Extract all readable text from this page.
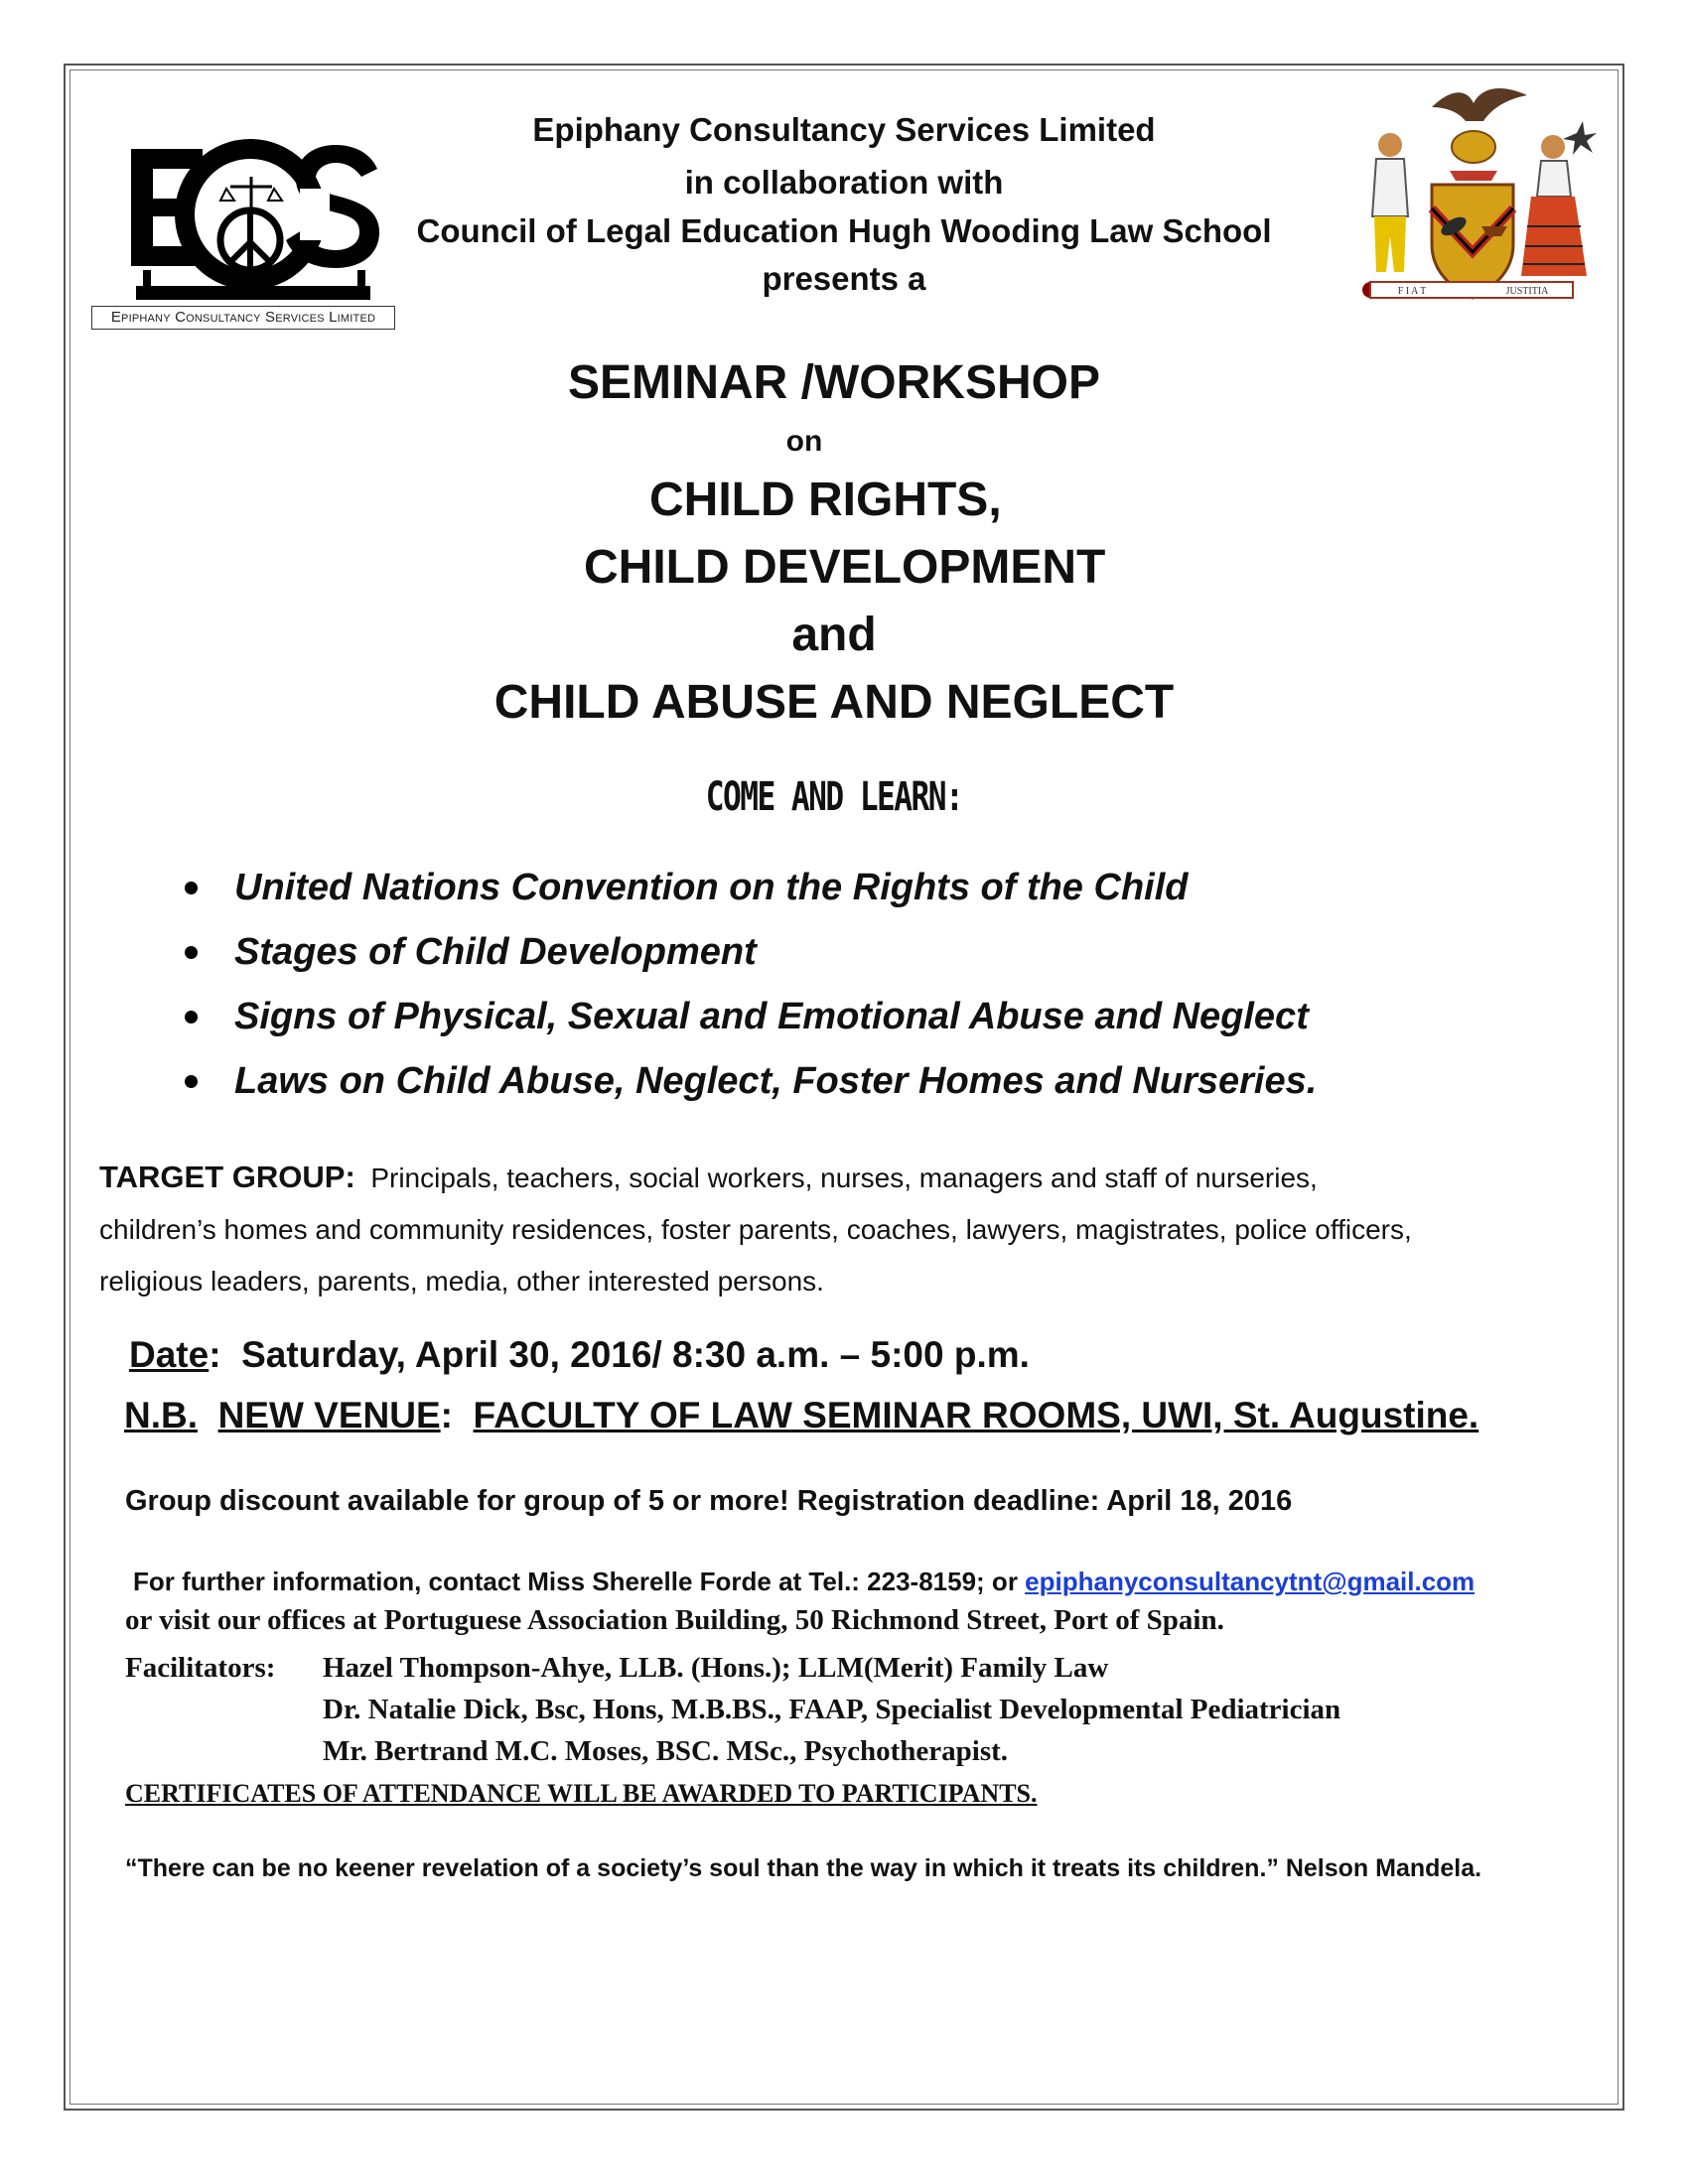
Epiphany Consultancy Services Limited
F I A T	JUSTITIA
Epiphany Consultancy Services Limited
in collaboration with
Council of Legal Education Hugh Wooding Law School
presents a
SEMINAR /WORKSHOP
on
CHILD RIGHTS,
CHILD DEVELOPMENT
and
CHILD ABUSE AND NEGLECT
COME AND LEARN:
United Nations Convention on the Rights of the Child
Stages of Child Development
Signs of Physical, Sexual and Emotional Abuse and Neglect
Laws on Child Abuse, Neglect, Foster Homes and Nurseries.
TARGET GROUP: Principals, teachers, social workers, nurses, managers and staff of nurseries,
children’s homes and community residences, foster parents, coaches, lawyers, magistrates, police officers,
religious leaders, parents, media, other interested persons.
Date:  Saturday, April 30, 2016/ 8:30 a.m. – 5:00 p.m.
N.B. NEW VENUE:  FACULTY OF LAW SEMINAR ROOMS, UWI, St. Augustine.
Group discount available for group of 5 or more! Registration deadline: April 18, 2016
For further information, contact Miss Sherelle Forde at Tel.: 223-8159; or epiphanyconsultancytnt@gmail.com
or visit our offices at Portuguese Association Building, 50 Richmond Street, Port of Spain.
Facilitators: Hazel Thompson-Ahye, LLB. (Hons.); LLM(Merit) Family Law
Dr. Natalie Dick, Bsc, Hons, M.B.BS., FAAP, Specialist Developmental Pediatrician
Mr. Bertrand M.C. Moses, BSC. MSc., Psychotherapist.
CERTIFICATES OF ATTENDANCE WILL BE AWARDED TO PARTICIPANTS.
“There can be no keener revelation of a society’s soul than the way in which it treats its children.” Nelson Mandela.
